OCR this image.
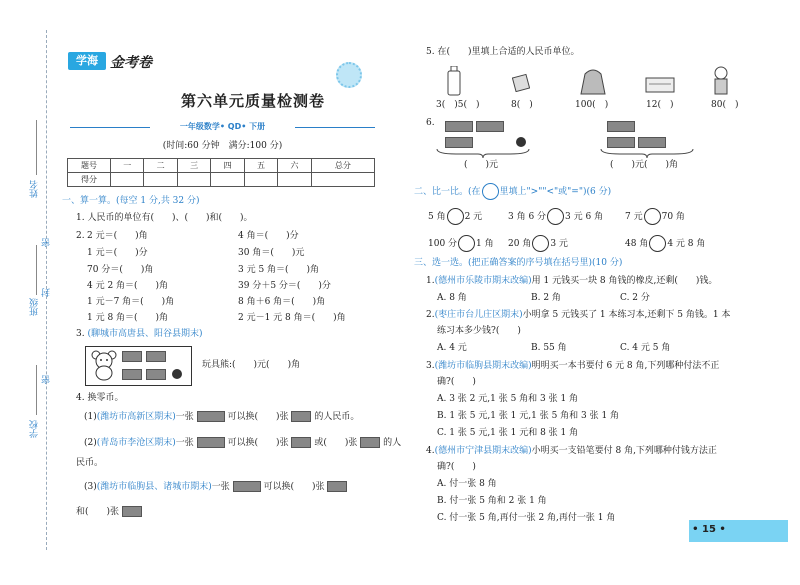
姓名
密
班级
封
学校
密
学海 金考卷
第六单元质量检测卷
一年级数学• QD• 下册
(时间:60 分钟　满分:100 分)
题号	一	二	三	四	五	六	总分
得分							
一、算一算。(每空 1 分,共 32 分)
1. 人民币的单位有(　　)、(　　)和(　　)。
2. 2 元＝(　　)角
1 元＝(　　)分
70 分＝(　　)角
4 元 2 角＝(　　)角
1 元－7 角＝(　　)角
1 元 8 角＝(　　)角
4 角＝(　　)分
30 角＝(　　)元
3 元 5 角＝(　　)角
39 分＋5 分＝(　　)分
8 角＋6 角＝(　　)角
2 元－1 元 8 角＝(　　)角
3. (聊城市高唐县、阳谷县期末)
玩具熊:(　　)元(　　)角
4. 换零币。
(1)(潍坊市高新区期末)一张	可以换(　　)张	的人民币。
(2)(青岛市李沧区期末)一张	可以换(　　)张	或(　　)张	的人
民币。
(3)(潍坊市临朐县、诸城市期末)一张	可以换(　　)张
和(　　)张
5. 在(　　)里填上合适的人民币单位。
3(　)5(　)	8(　)	100(　)	12(　)	80(　)
6.
(　　)元	(　　)元(　　)角
二、比一比。(在 里填上">""<"或"=")(6 分)
5 角 2 元	3 角 6 分 3 元 6 角 7 元 70 角
100 分 1 角 20 角 3 元	48 角 4 元 8 角
三、选一选。(把正确答案的序号填在括号里)(10 分)
1.(德州市乐陵市期末改编)用 1 元钱买一块 8 角钱的橡皮,还剩(　　)钱。
A. 8 角	B. 2 角	C. 2 分
2.(枣庄市台儿庄区期末)小明拿 5 元钱买了 1 本练习本,还剩下 5 角钱。1 本
练习本多少钱?(　　)
A. 4 元	B. 55 角	C. 4 元 5 角
3.(潍坊市临朐县期末改编)明明买一本书要付 6 元 8 角,下列哪种付法不正
确?(　　)
A. 3 张 2 元,1 张 5 角和 3 张 1 角
B. 1 张 5 元,1 张 1 元,1 张 5 角和 3 张 1 角
C. 1 张 5 元,1 张 1 元和 8 张 1 角
4.(德州市宁津县期末改编)小明买一支铅笔要付 8 角,下列哪种付钱方法正
确?(　　)
A. 付一张 8 角
B. 付一张 5 角和 2 张 1 角
C. 付一张 5 角,再付一张 2 角,再付一张 1 角
• 15 •
